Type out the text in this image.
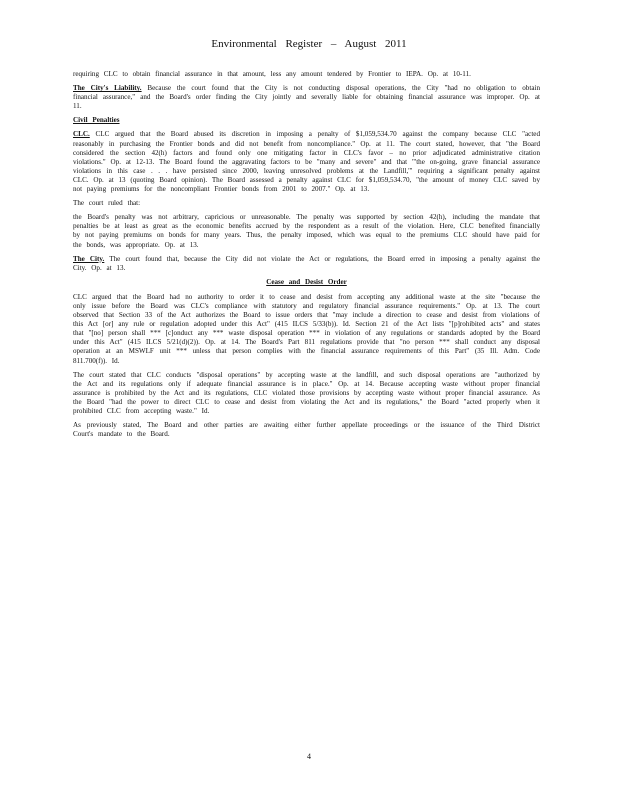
Environmental Register – August 2011

requiring CLC to obtain financial assurance in that amount, less any amount tendered by Frontier to IEPA. Op. at 10-11.

The City's Liability. Because the court found that the City is not conducting disposal operations, the City "had no obligation to obtain financial assurance," and the Board's order finding the City jointly and severally liable for obtaining financial assurance was improper. Op. at 11.

Civil Penalties

CLC. CLC argued that the Board abused its discretion in imposing a penalty of $1,059,534.70 against the company because CLC "acted reasonably in purchasing the Frontier bonds and did not benefit from noncompliance." Op. at 11. The court stated, however, that "the Board considered the section 42(h) factors and found only one mitigating factor in CLC's favor – no prior adjudicated administrative citation violations." Op. at 12-13. The Board found the aggravating factors to be "many and severe" and that "'the on-going, grave financial assurance violations in this case . . . have persisted since 2000, leaving unresolved problems at the Landfill,'" requiring a significant penalty against CLC. Op. at 13 (quoting Board opinion). The Board assessed a penalty against CLC for $1,059,534.70, "the amount of money CLC saved by not paying premiums for the noncompliant Frontier bonds from 2001 to 2007." Op. at 13.

The court ruled that:

the Board's penalty was not arbitrary, capricious or unreasonable. The penalty was supported by section 42(h), including the mandate that penalties be at least as great as the economic benefits accrued by the respondent as a result of the violation. Here, CLC benefited financially by not paying premiums on bonds for many years. Thus, the penalty imposed, which was equal to the premiums CLC should have paid for the bonds, was appropriate. Op. at 13.

The City. The court found that, because the City did not violate the Act or regulations, the Board erred in imposing a penalty against the City. Op. at 13.

Cease and Desist Order

CLC argued that the Board had no authority to order it to cease and desist from accepting any additional waste at the site "because the only issue before the Board was CLC's compliance with statutory and regulatory financial assurance requirements." Op. at 13. The court observed that Section 33 of the Act authorizes the Board to issue orders that "may include a direction to cease and desist from violations of this Act [or] any rule or regulation adopted under this Act" (415 ILCS 5/33(b)). Id. Section 21 of the Act lists "[p]rohibited acts" and states that "[no] person shall *** [c]onduct any *** waste disposal operation *** in violation of any regulations or standards adopted by the Board under this Act" (415 ILCS 5/21(d)(2)). Op. at 14. The Board's Part 811 regulations provide that "no person *** shall conduct any disposal operation at an MSWLF unit *** unless that person complies with the financial assurance requirements of this Part" (35 Ill. Adm. Code 811.700(f)). Id.

The court stated that CLC conducts "disposal operations" by accepting waste at the landfill, and such disposal operations are "authorized by the Act and its regulations only if adequate financial assurance is in place." Op. at 14. Because accepting waste without proper financial assurance is prohibited by the Act and its regulations, CLC violated those provisions by accepting waste without proper financial assurance. As the Board "had the power to direct CLC to cease and desist from violating the Act and its regulations," the Board "acted properly when it prohibited CLC from accepting waste." Id.

As previously stated, The Board and other parties are awaiting either further appellate proceedings or the issuance of the Third District Court's mandate to the Board.

4
